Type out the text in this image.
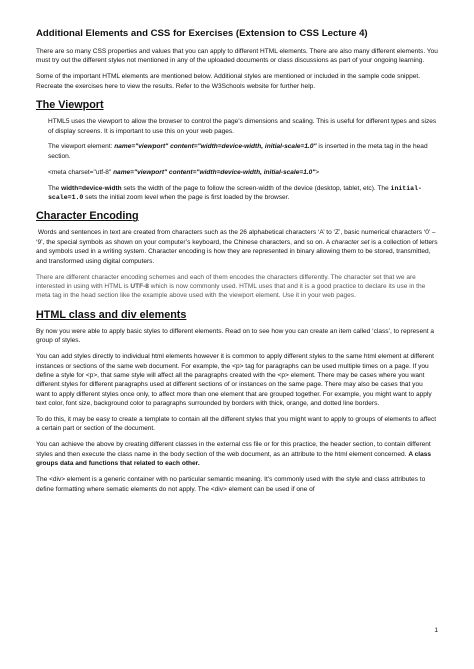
Additional Elements and CSS for Exercises (Extension to CSS Lecture 4)

There are so many CSS properties and values that you can apply to different HTML elements. There are also many different elements. You must try out the different styles not mentioned in any of the uploaded documents or class discussions as part of your ongoing learning.

Some of the important HTML elements are mentioned below. Additional styles are mentioned or included in the sample code snippet. Recreate the exercises here to view the results. Refer to the W3Schools website for further help.

The Viewport

HTML5 uses the viewport to allow the browser to control the page's dimensions and scaling. This is useful for different types and sizes of display screens. It is important to use this on your web pages.

The viewport element: name="viewport" content="width=device-width, initial-scale=1.0" is inserted in the meta tag in the head section.

<meta charset="utf-8" name="viewport" content="width=device-width, initial-scale=1.0">

The width=device-width sets the width of the page to follow the screen-width of the device (desktop, tablet, etc). The initial-scale=1.0 sets the initial zoom level when the page is first loaded by the browser.

Character Encoding

Words and sentences in text are created from characters such as the 26 alphabetical characters ‘A’ to ‘Z’, basic numerical characters ‘0’ – ‘9’, the special symbols as shown on your computer’s keyboard, the Chinese characters, and so on. A character set is a collection of letters and symbols used in a writing system. Character encoding is how they are represented in binary allowing them to be stored, transmitted, and transformed using digital computers.

There are different character encoding schemes and each of them encodes the characters differently. The character set that we are interested in using with HTML is UTF-8 which is now commonly used. HTML uses that and it is a good practice to declare its use in the meta tag in the head section like the example above used with the viewport element. Use it in your web pages.

HTML class and div elements

By now you were able to apply basic styles to different elements. Read on to see how you can create an item called ‘class’, to represent a group of styles.

You can add styles directly to individual html elements however it is common to apply different styles to the same html element at different instances or sections of the same web document. For example, the <p> tag for paragraphs can be used multiple times on a page. If you define a style for <p>, that same style will affect all the paragraphs created with the <p> element. There may be cases where you want different styles for different paragraphs used at different sections of or instances on the same page. There may also be cases that you want to apply different styles once only, to affect more than one element that are grouped together. For example, you might want to apply text color, font size, background color to paragraphs surrounded by borders with thick, orange, and dotted line borders.

To do this, it may be easy to create a template to contain all the different styles that you might want to apply to groups of elements to affect a certain part or section of the document.

You can achieve the above by creating different classes in the external css file or for this practice, the header section, to contain different styles and then execute the class name in the body section of the web document, as an attribute to the html element concerned. A class groups data and functions that related to each other.

The <div> element is a generic container with no particular semantic meaning. It’s commonly used with the style and class attributes to define formatting where sematic elements do not apply. The <div> element can be used if one of

1
